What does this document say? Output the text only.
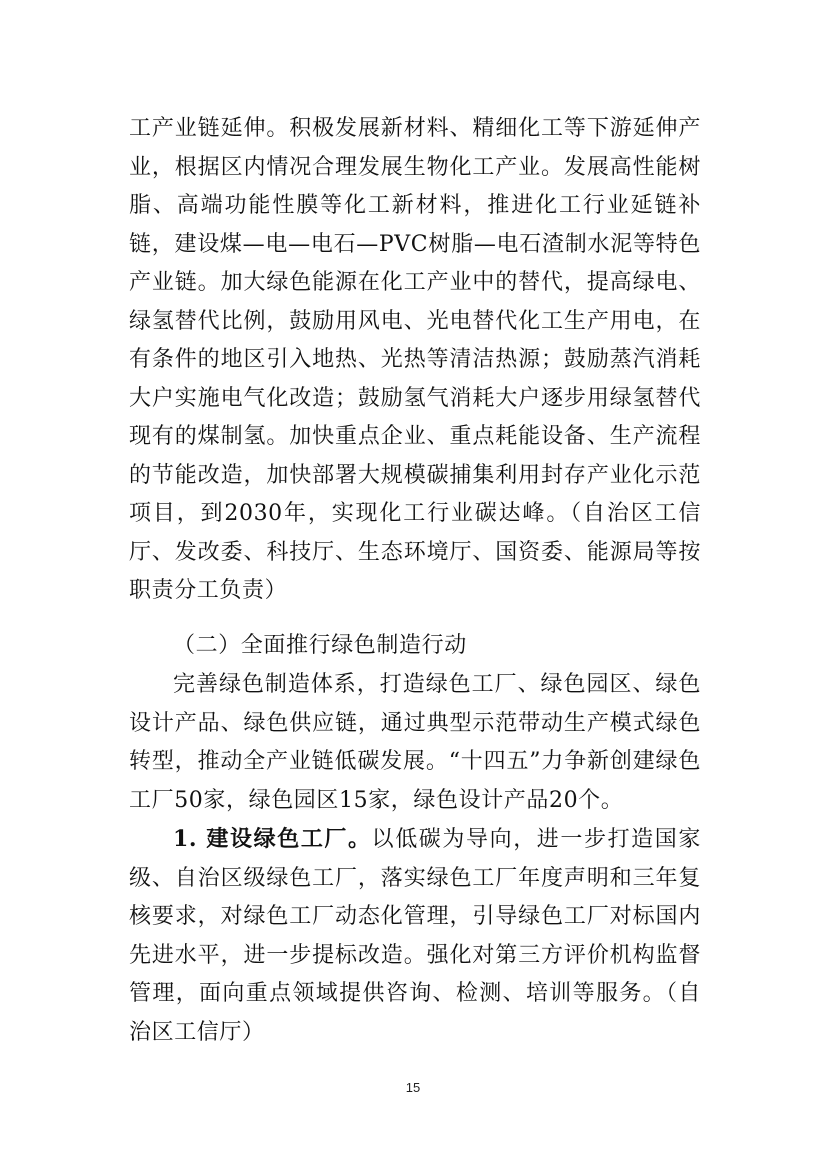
工产业链延伸。积极发展新材料、精细化工等下游延伸产业，根据区内情况合理发展生物化工产业。发展高性能树脂、高端功能性膜等化工新材料，推进化工行业延链补链，建设煤—电—电石—PVC树脂—电石渣制水泥等特色产业链。加大绿色能源在化工产业中的替代，提高绿电、绿氢替代比例，鼓励用风电、光电替代化工生产用电，在有条件的地区引入地热、光热等清洁热源；鼓励蒸汽消耗大户实施电气化改造；鼓励氢气消耗大户逐步用绿氢替代现有的煤制氢。加快重点企业、重点耗能设备、生产流程的节能改造，加快部署大规模碳捕集利用封存产业化示范项目，到2030年，实现化工行业碳达峰。（自治区工信厅、发改委、科技厅、生态环境厅、国资委、能源局等按职责分工负责）

（二）全面推行绿色制造行动

完善绿色制造体系，打造绿色工厂、绿色园区、绿色设计产品、绿色供应链，通过典型示范带动生产模式绿色转型，推动全产业链低碳发展。“十四五”力争新创建绿色工厂50家，绿色园区15家，绿色设计产品20个。

1. 建设绿色工厂。以低碳为导向，进一步打造国家级、自治区级绿色工厂，落实绿色工厂年度声明和三年复核要求，对绿色工厂动态化管理，引导绿色工厂对标国内先进水平，进一步提标改造。强化对第三方评价机构监督管理，面向重点领域提供咨询、检测、培训等服务。（自治区工信厅）

15
